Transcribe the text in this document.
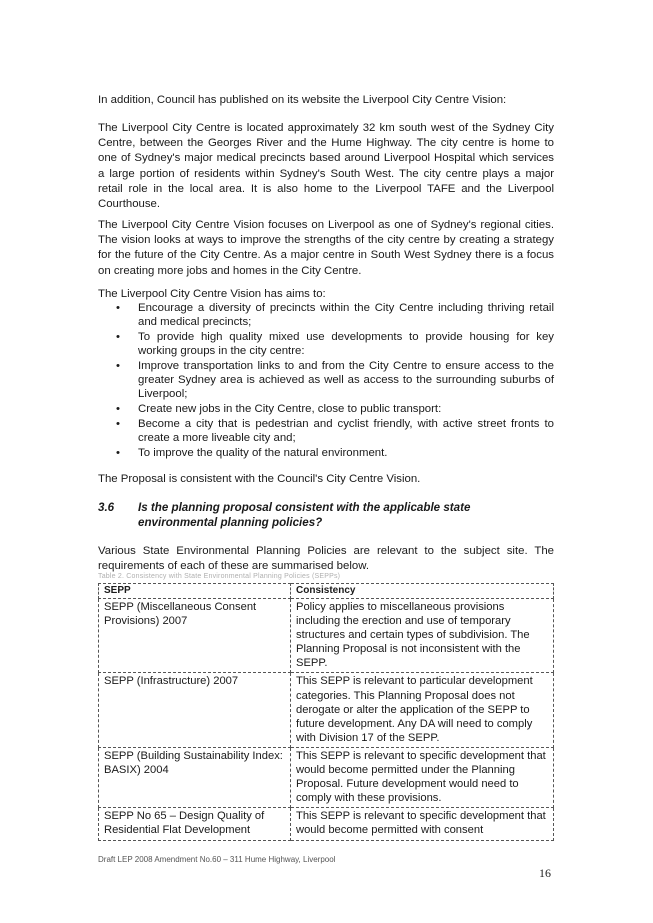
In addition, Council has published on its website the Liverpool City Centre Vision:

The Liverpool City Centre is located approximately 32 km south west of the Sydney City Centre, between the Georges River and the Hume Highway. The city centre is home to one of Sydney's major medical precincts based around Liverpool Hospital which services a large portion of residents within Sydney's South West. The city centre plays a major retail role in the local area. It is also home to the Liverpool TAFE and the Liverpool Courthouse.

The Liverpool City Centre Vision focuses on Liverpool as one of Sydney's regional cities. The vision looks at ways to improve the strengths of the city centre by creating a strategy for the future of the City Centre. As a major centre in South West Sydney there is a focus on creating more jobs and homes in the City Centre.

The Liverpool City Centre Vision has aims to:

• Encourage a diversity of precincts within the City Centre including thriving retail and medical precincts;
• To provide high quality mixed use developments to provide housing for key working groups in the city centre:
• Improve transportation links to and from the City Centre to ensure access to the greater Sydney area is achieved as well as access to the surrounding suburbs of Liverpool;
• Create new jobs in the City Centre, close to public transport:
• Become a city that is pedestrian and cyclist friendly, with active street fronts to create a more liveable city and;
• To improve the quality of the natural environment.

The Proposal is consistent with the Council's City Centre Vision.

3.6 Is the planning proposal consistent with the applicable state environmental planning policies?

Various State Environmental Planning Policies are relevant to the subject site. The requirements of each of these are summarised below.

Table 2. Consistency with State Environmental Planning Policies (SEPPs)
SEPP	Consistency
SEPP (Miscellaneous Consent Provisions) 2007	Policy applies to miscellaneous provisions including the erection and use of temporary structures and certain types of subdivision. The Planning Proposal is not inconsistent with the SEPP.
SEPP (Infrastructure) 2007	This SEPP is relevant to particular development categories. This Planning Proposal does not derogate or alter the application of the SEPP to future development. Any DA will need to comply with Division 17 of the SEPP.
SEPP (Building Sustainability Index: BASIX) 2004	This SEPP is relevant to specific development that would become permitted under the Planning Proposal. Future development would need to comply with these provisions.
SEPP No 65 – Design Quality of Residential Flat Development	This SEPP is relevant to specific development that would become permitted with consent
Draft LEP 2008 Amendment No.60 – 311 Hume Highway, Liverpool
16
